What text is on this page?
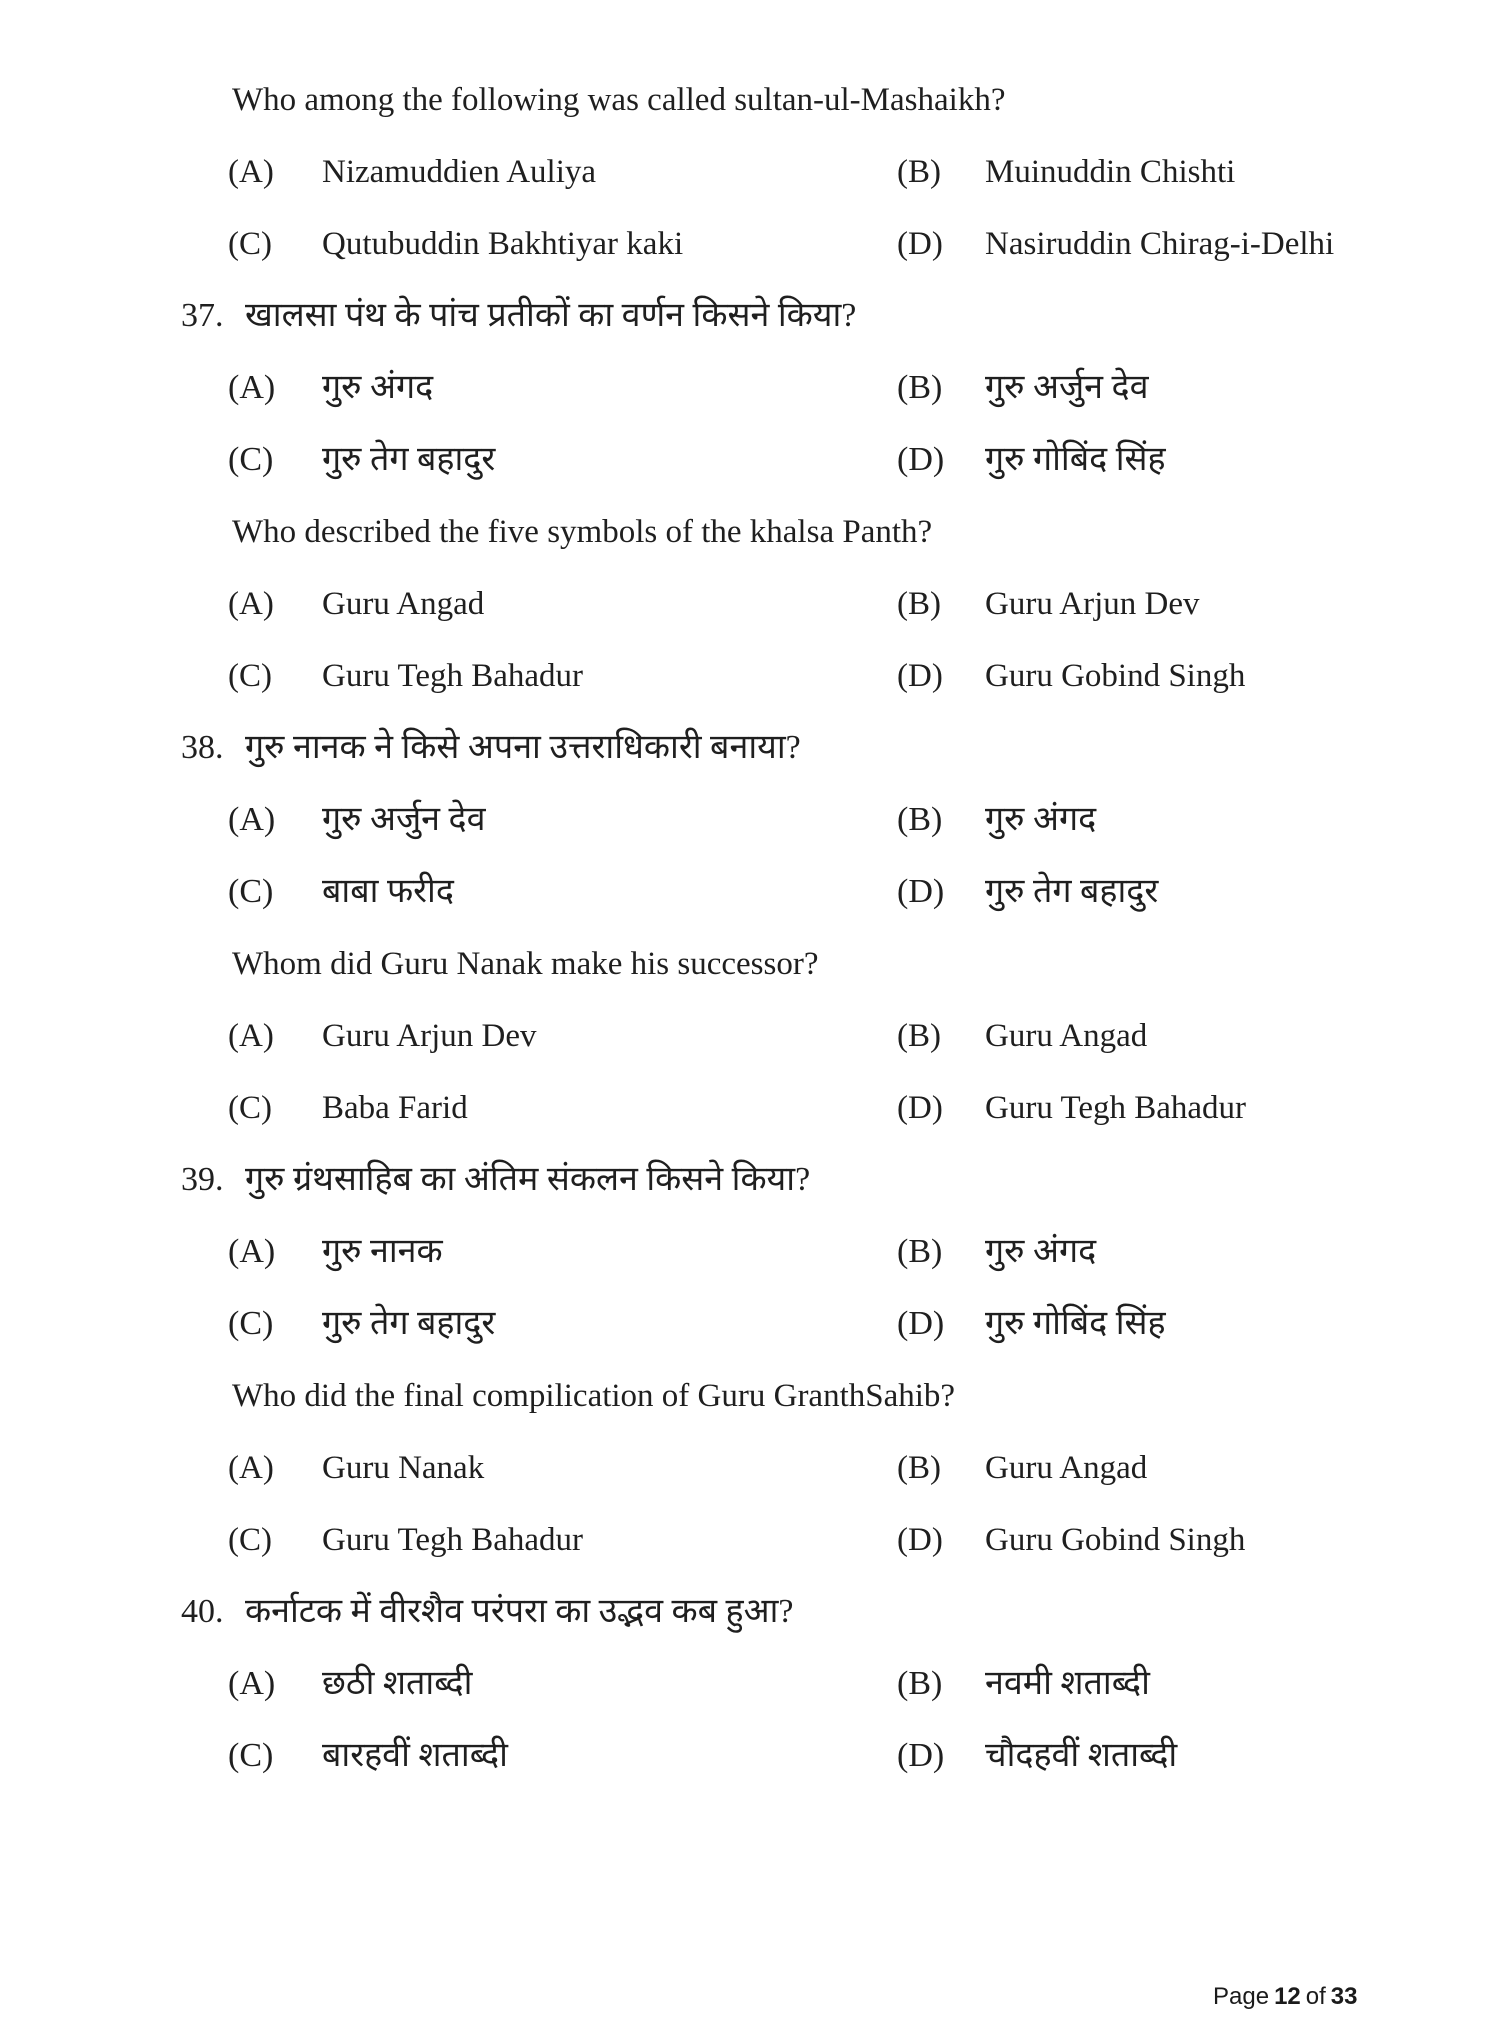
Who among the following was called sultan-ul-Mashaikh?
(A)	Nizamuddien Auliya	(B)	Muinuddin Chishti
(C)	Qutubuddin Bakhtiyar kaki	(D)	Nasiruddin Chirag-i-Delhi
37. खालसा पंथ के पांच प्रतीकों का वर्णन किसने किया?
(A)	गुरु अंगद	(B)	गुरु अर्जुन देव
(C)	गुरु तेग बहादुर	(D)	गुरु गोबिंद सिंह
Who described the five symbols of the khalsa Panth?
(A)	Guru Angad	(B)	Guru Arjun Dev
(C)	Guru Tegh Bahadur	(D)	Guru Gobind Singh
38. गुरु नानक ने किसे अपना उत्तराधिकारी बनाया?
(A)	गुरु अर्जुन देव	(B)	गुरु अंगद
(C)	बाबा फरीद	(D)	गुरु तेग बहादुर
Whom did Guru Nanak make his successor?
(A)	Guru Arjun Dev	(B)	Guru Angad
(C)	Baba Farid	(D)	Guru Tegh Bahadur
39. गुरु ग्रंथसाहिब का अंतिम संकलन किसने किया?
(A)	गुरु नानक	(B)	गुरु अंगद
(C)	गुरु तेग बहादुर	(D)	गुरु गोबिंद सिंह
Who did the final compilication of Guru GranthSahib?
(A)	Guru Nanak	(B)	Guru Angad
(C)	Guru Tegh Bahadur	(D)	Guru Gobind Singh
40. कर्नाटक में वीरशैव परंपरा का उद्भव कब हुआ?
(A)	छठी शताब्दी	(B)	नवमी शताब्दी
(C)	बारहवीं शताब्दी	(D)	चौदहवीं शताब्दी
Page 12 of 33
